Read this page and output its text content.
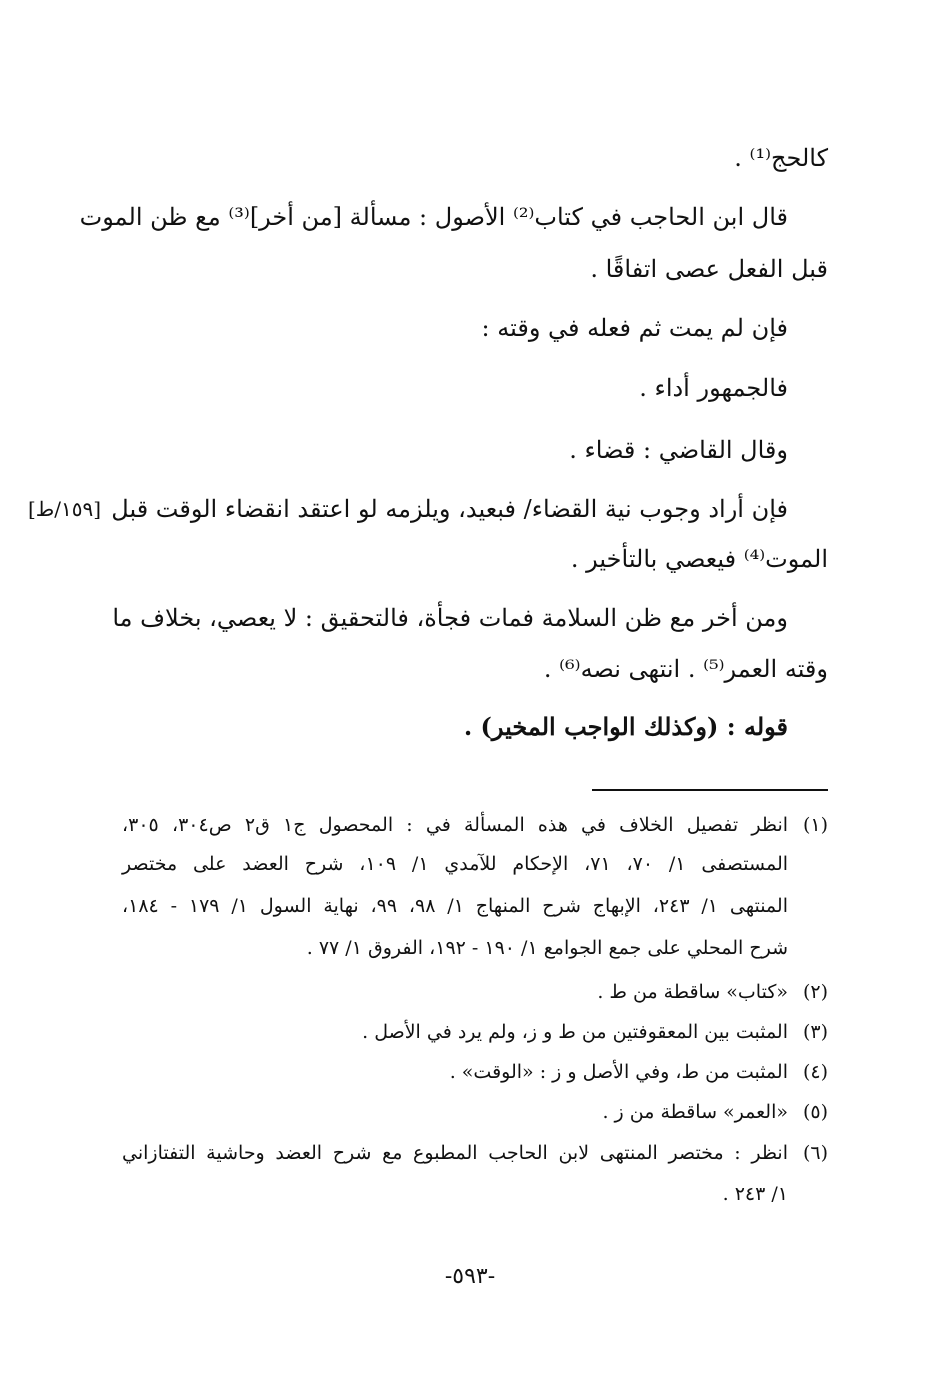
كالحج⁽¹⁾ .
قال ابن الحاجب في كتاب⁽²⁾ الأصول : مسألة [من أخر]⁽³⁾ مع ظن الموت
قبل الفعل عصى اتفاقًا .
فإن لم يمت ثم فعله في وقته :
فالجمهور أداء .
وقال القاضي : قضاء .
فإن أراد وجوب نية القضاء/ فبعيد، ويلزمه لو اعتقد انقضاء الوقت قبل
الموت⁽⁴⁾ فيعصي بالتأخير .
ومن أخر مع ظن السلامة فمات فجأة، فالتحقيق : لا يعصي، بخلاف ما
وقته العمر⁽⁵⁾ . انتهى نصه⁽⁶⁾ .
قوله : (وكذلك الواجب المخير) .
[١٥٩/ط]
(١)انظر تفصيل الخلاف في هذه المسألة في : المحصول ج١ ق٢ ص٣٠٤، ٣٠٥،
المستصفى ١/ ٧٠، ٧١، الإحكام للآمدي ١/ ١٠٩، شرح العضد على مختصر
المنتهى ١/ ٢٤٣، الإبهاج شرح المنهاج ١/ ٩٨، ٩٩، نهاية السول ١/ ١٧٩ - ١٨٤،
شرح المحلي على جمع الجوامع ١/ ١٩٠ - ١٩٢، الفروق ١/ ٧٧ .
(٢)«كتاب» ساقطة من ط .
(٣)المثبت بين المعقوفتين من ط و ز، ولم يرد في الأصل .
(٤)المثبت من ط، وفي الأصل و ز : «الوقت» .
(٥)«العمر» ساقطة من ز .
(٦)انظر : مختصر المنتهى لابن الحاجب المطبوع مع شرح العضد وحاشية التفتازاني
١/ ٢٤٣ .
-٥٩٣-
